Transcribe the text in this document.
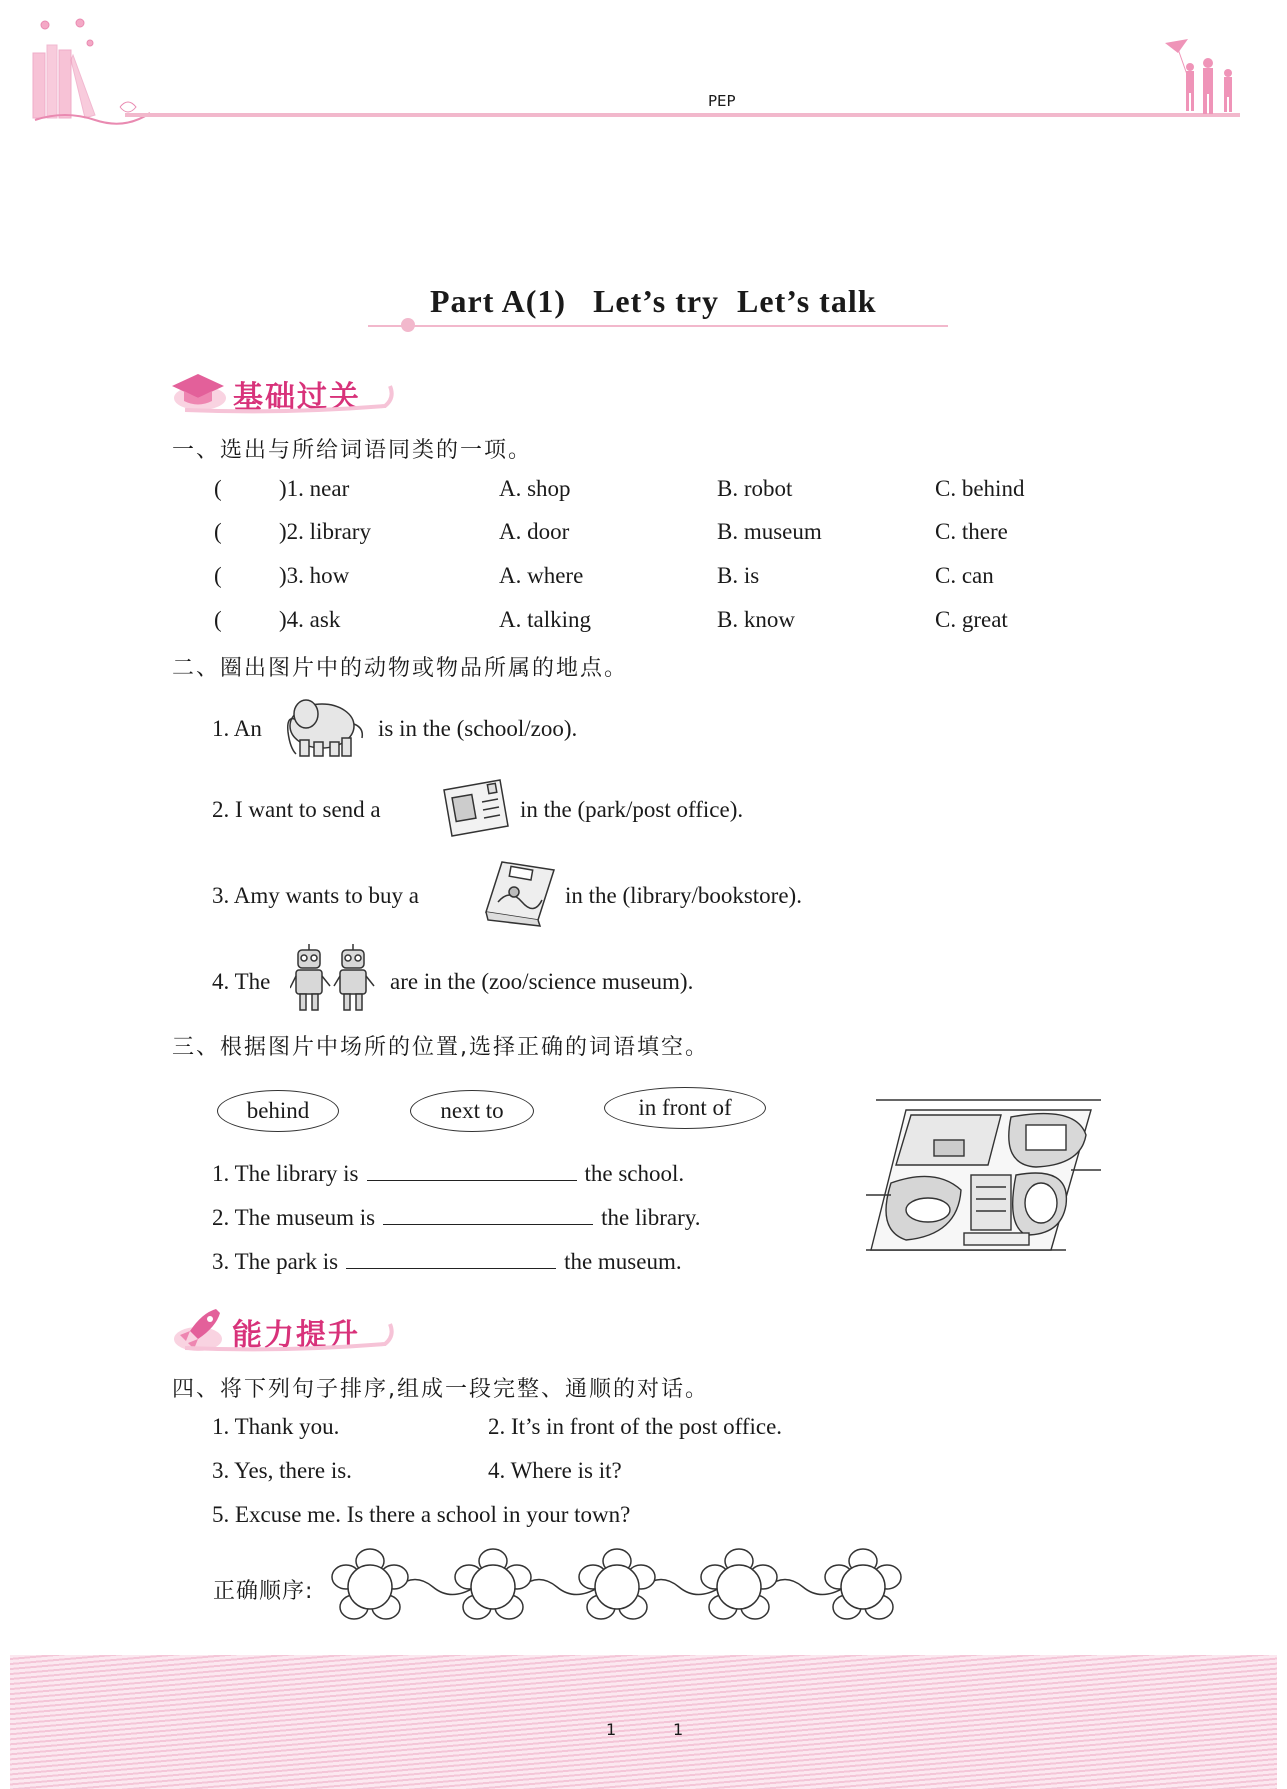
PEP
Part A(1)   Let’s try  Let’s talk
基础过关
一、选出与所给词语同类的一项。
( )1. near	A. shop	B. robot	C. behind
( )2. library	A. door	B. museum	C. there
( )3. how	A. where	B. is	C. can
( )4. ask	A. talking	B. know	C. great
二、圈出图片中的动物或物品所属的地点。
1. An	is in the (school/zoo).
2. I want to send a	in the (park/post office).
3. Amy wants to buy a	in the (library/bookstore).
4. The	are in the (zoo/science museum).
三、根据图片中场所的位置,选择正确的词语填空。
behind	next to	in front of
1. The library is	the school.
2. The museum is	the library.
3. The park is	the museum.
能力提升
四、将下列句子排序,组成一段完整、通顺的对话。
1. Thank you.	2. It’s in front of the post office.
3. Yes, there is.	4. Where is it?
5. Excuse me. Is there a school in your town?
正确顺序:
1	1
